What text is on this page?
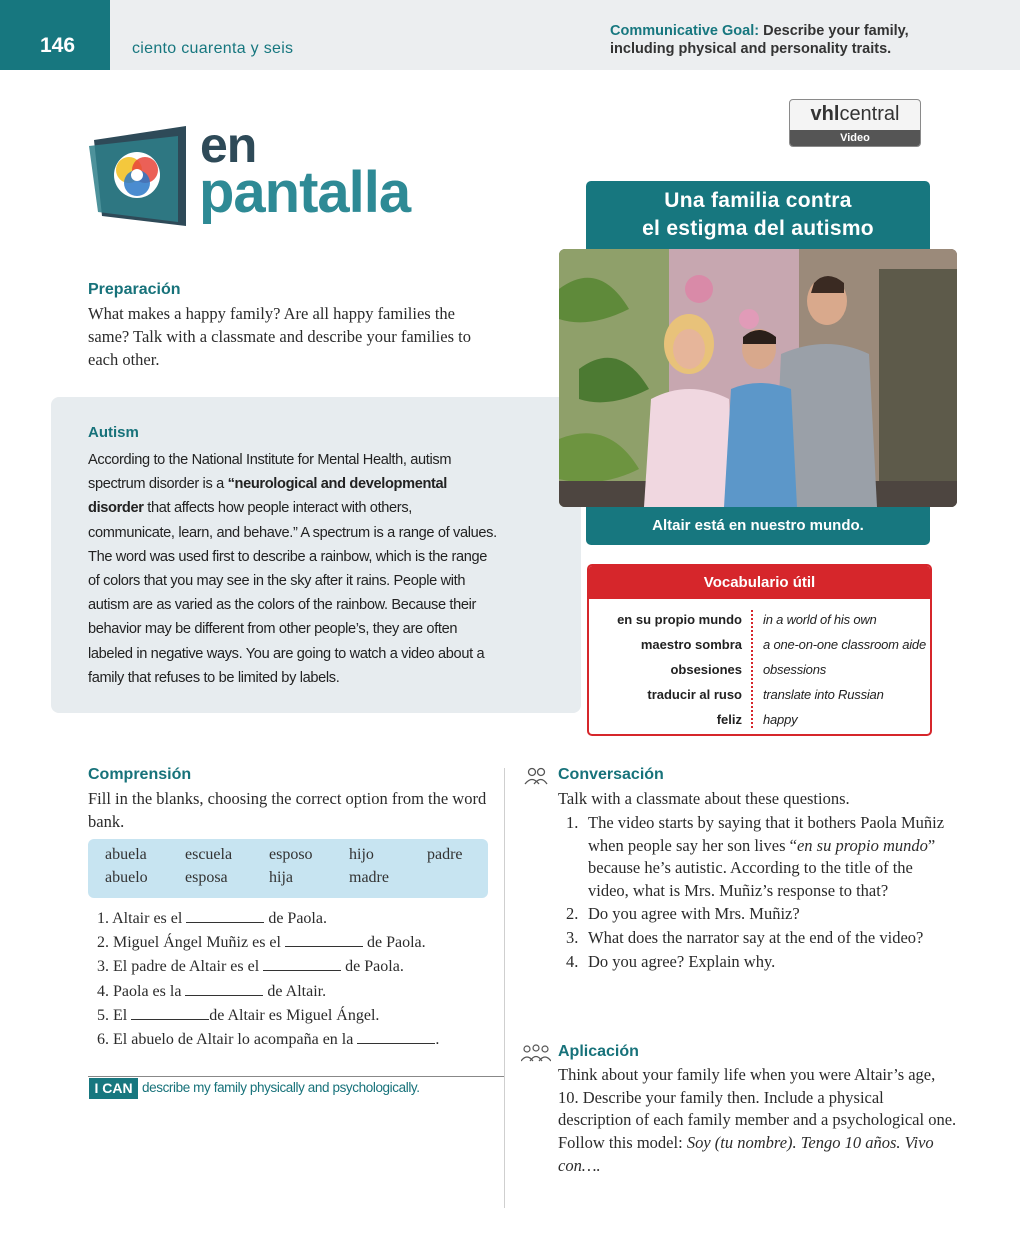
146	ciento cuarenta y seis
Communicative Goal: Describe your family,
including physical and personality traits.
en
pantalla
vhlcentral
Video
Preparación
What makes a happy family? Are all happy families the same? Talk with a classmate and describe your families to each other.
Autism
According to the National Institute for Mental Health, autism spectrum disorder is a “neurological and developmental disorder that affects how people interact with others, communicate, learn, and behave.” A spectrum is a range of values. The word was used first to describe a rainbow, which is the range of colors that you may see in the sky after it rains. People with autism are as varied as the colors of the rainbow. Because their behavior may be different from other people’s, they are often labeled in negative ways. You are going to watch a video about a family that refuses to be limited by labels.
Una familia contra
el estigma del autismo
Altair está en nuestro mundo.
Vocabulario útil
en su propio mundo in a world of his own
maestro sombra a one-on-one classroom aide
obsesiones obsessions
traducir al ruso translate into Russian
feliz happy
Comprensión
Fill in the blanks, choosing the correct option from the word bank.
abuela escuela esposo hijo	padre
abuelo esposa	hija	madre
1. Altair es el	de Paola.
2. Miguel Ángel Muñiz es el	de Paola.
3. El padre de Altair es el	de Paola.
4. Paola es la	de Altair.
5. El	de Altair es Miguel Ángel.
6. El abuelo de Altair lo acompaña en la	.
I CAN describe my family physically and psychologically.
Conversación
Talk with a classmate about these questions.
1. The video starts by saying that it bothers Paola Muñiz when people say her son lives “en su propio mundo” because he’s autistic. According to the title of the video, what is Mrs. Muñiz’s response to that?
2. Do you agree with Mrs. Muñiz?
3. What does the narrator say at the end of the video?
4. Do you agree? Explain why.
Aplicación
Think about your family life when you were Altair’s age, 10. Describe your family then. Include a physical description of each family member and a psychological one. Follow this model: Soy (tu nombre). Tengo 10 años. Vivo con….
